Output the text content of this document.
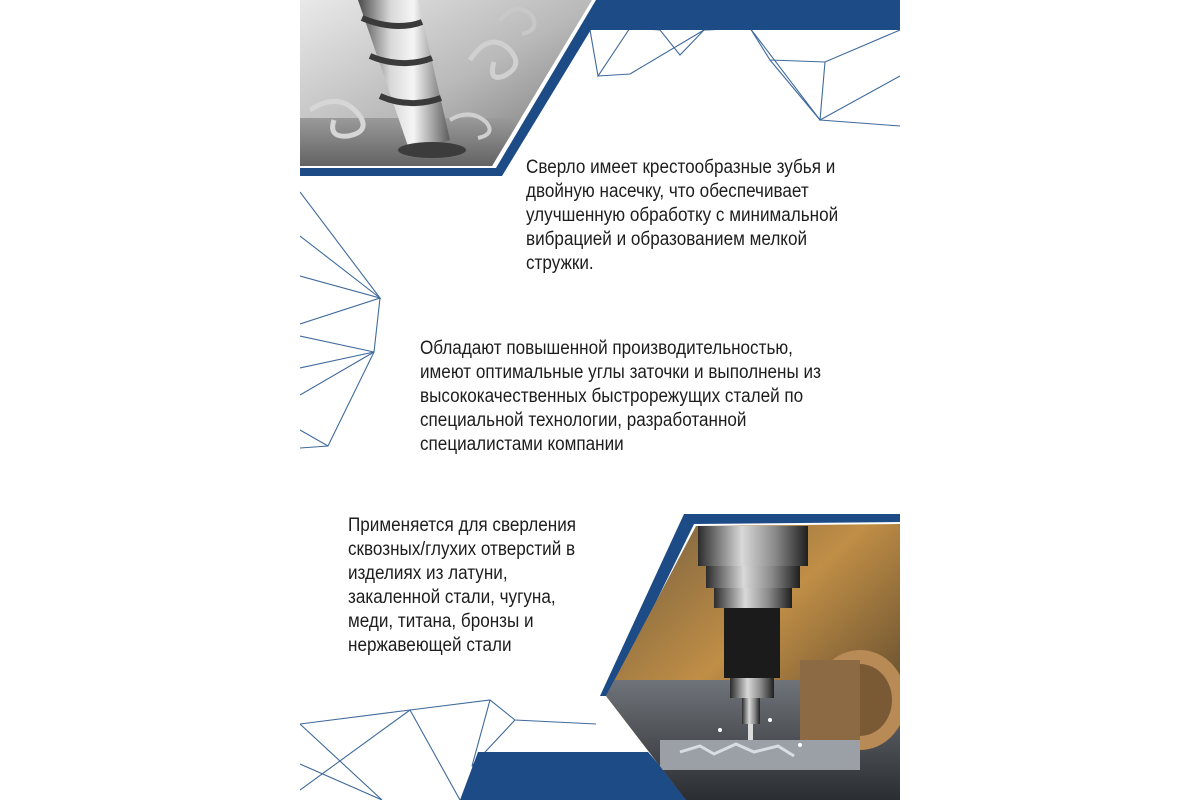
Сверло имеет крестообразные зубья и
двойную насечку, что обеспечивает
улучшенную обработку с минимальной
вибрацией и образованием мелкой
стружки.
Обладают повышенной производительностью,
имеют оптимальные углы заточки и выполнены из
высококачественных быстрорежущих сталей по
специальной технологии, разработанной
специалистами компании
Применяется для сверления
сквозных/глухих отверстий в
изделиях из латуни,
закаленной стали, чугуна,
меди, титана, бронзы и
нержавеющей стали
